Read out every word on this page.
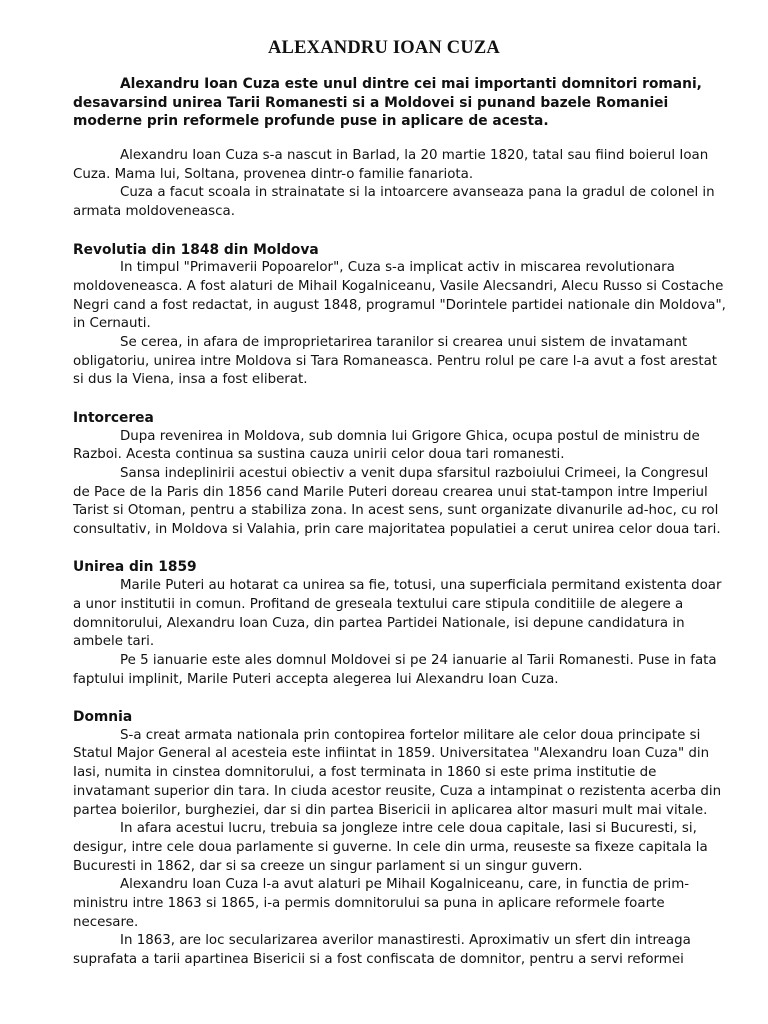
ALEXANDRU IOAN CUZA

Alexandru Ioan Cuza este unul dintre cei mai importanti domnitori romani, desavarsind unirea Tarii Romanesti si a Moldovei si punand bazele Romaniei moderne prin reformele profunde puse in aplicare de acesta.

Alexandru Ioan Cuza s-a nascut in Barlad, la 20 martie 1820, tatal sau fiind boierul Ioan Cuza. Mama lui, Soltana, provenea dintr-o familie fanariota.

Cuza a facut scoala in strainatate si la intoarcere avanseaza pana la gradul de colonel in armata moldoveneasca.

Revolutia din 1848 din Moldova

In timpul "Primaverii Popoarelor", Cuza s-a implicat activ in miscarea revolutionara moldoveneasca. A fost alaturi de Mihail Kogalniceanu, Vasile Alecsandri, Alecu Russo si Costache Negri cand a fost redactat, in august 1848, programul "Dorintele partidei nationale din Moldova", in Cernauti.

Se cerea, in afara de improprietarirea taranilor si crearea unui sistem de invatamant obligatoriu, unirea intre Moldova si Tara Romaneasca. Pentru rolul pe care l-a avut a fost arestat si dus la Viena, insa a fost eliberat.

Intorcerea

Dupa revenirea in Moldova, sub domnia lui Grigore Ghica, ocupa postul de ministru de Razboi. Acesta continua sa sustina cauza unirii celor doua tari romanesti.

Sansa indeplinirii acestui obiectiv a venit dupa sfarsitul razboiului Crimeei, la Congresul de Pace de la Paris din 1856 cand Marile Puteri doreau crearea unui stat-tampon intre Imperiul Tarist si Otoman, pentru a stabiliza zona. In acest sens, sunt organizate divanurile ad-hoc, cu rol consultativ, in Moldova si Valahia, prin care majoritatea populatiei a cerut unirea celor doua tari.

Unirea din 1859

Marile Puteri au hotarat ca unirea sa fie, totusi, una superficiala permitand existenta doar a unor institutii in comun. Profitand de greseala textului care stipula conditiile de alegere a domnitorului, Alexandru Ioan Cuza, din partea Partidei Nationale, isi depune candidatura in ambele tari.

Pe 5 ianuarie este ales domnul Moldovei si pe 24 ianuarie al Tarii Romanesti. Puse in fata faptului implinit, Marile Puteri accepta alegerea lui Alexandru Ioan Cuza.

Domnia

S-a creat armata nationala prin contopirea fortelor militare ale celor doua principate si Statul Major General al acesteia este infiintat in 1859. Universitatea "Alexandru Ioan Cuza" din Iasi, numita in cinstea domnitorului, a fost terminata in 1860 si este prima institutie de invatamant superior din tara. In ciuda acestor reusite, Cuza a intampinat o rezistenta acerba din partea boierilor, burgheziei, dar si din partea Bisericii in aplicarea altor masuri mult mai vitale.

In afara acestui lucru, trebuia sa jongleze intre cele doua capitale, Iasi si Bucuresti, si, desigur, intre cele doua parlamente si guverne. In cele din urma, reuseste sa fixeze capitala la Bucuresti in 1862, dar si sa creeze un singur parlament si un singur guvern.

Alexandru Ioan Cuza l-a avut alaturi pe Mihail Kogalniceanu, care, in functia de prim-ministru intre 1863 si 1865, i-a permis domnitorului sa puna in aplicare reformele foarte necesare.

In 1863, are loc secularizarea averilor manastiresti. Aproximativ un sfert din intreaga suprafata a tarii apartinea Bisericii si a fost confiscata de domnitor, pentru a servi reformei
